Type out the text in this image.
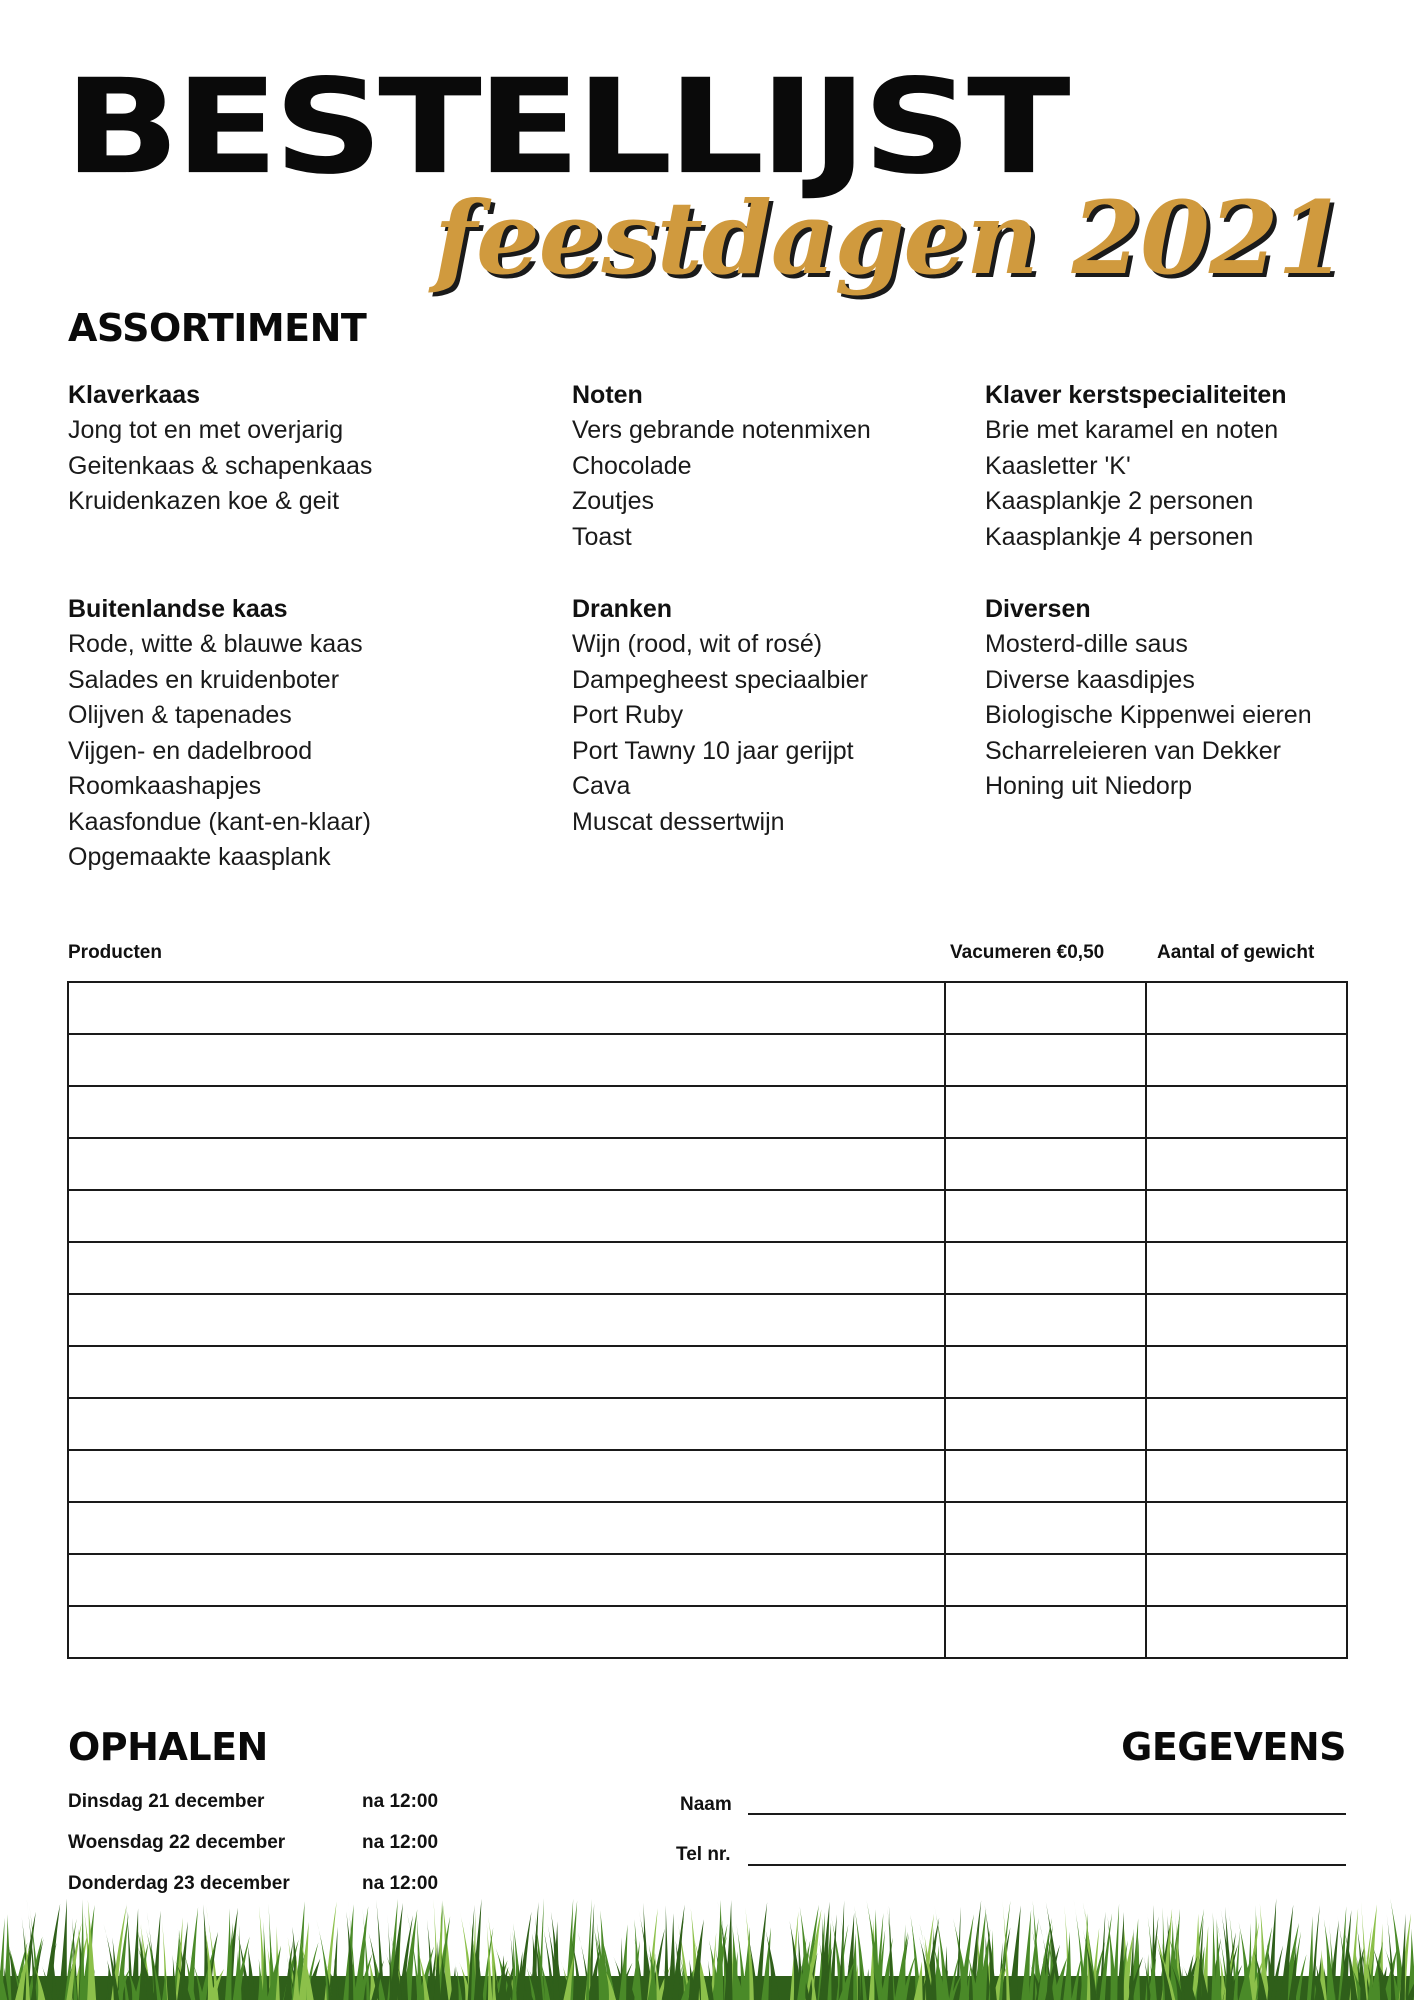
BESTELLIJST
feestdagen 2021
ASSORTIMENT
Klaverkaas
Jong tot en met overjarig
Geitenkaas & schapenkaas
Kruidenkazen koe & geit
Noten
Vers gebrande notenmixen
Chocolade
Zoutjes
Toast
Klaver kerstspecialiteiten
Brie met karamel en noten
Kaasletter 'K'
Kaasplankje 2 personen
Kaasplankje 4 personen
Buitenlandse kaas
Rode, witte & blauwe kaas
Salades en kruidenboter
Olijven & tapenades
Vijgen- en dadelbrood
Roomkaashapjes
Kaasfondue (kant-en-klaar)
Opgemaakte kaasplank
Dranken
Wijn (rood, wit of rosé)
Dampegheest speciaalbier
Port Ruby
Port Tawny 10 jaar gerijpt
Cava
Muscat dessertwijn
Diversen
Mosterd-dille saus
Diverse kaasdipjes
Biologische Kippenwei eieren
Scharreleieren van Dekker
Honing uit Niedorp
Producten	Vacumeren €0,50	Aantal of gewicht

OPHALEN
Dinsdag 21 december	na 12:00
Woensdag 22 december	na 12:00
Donderdag 23 december	na 12:00
GEGEVENS
Naam
Tel nr.
